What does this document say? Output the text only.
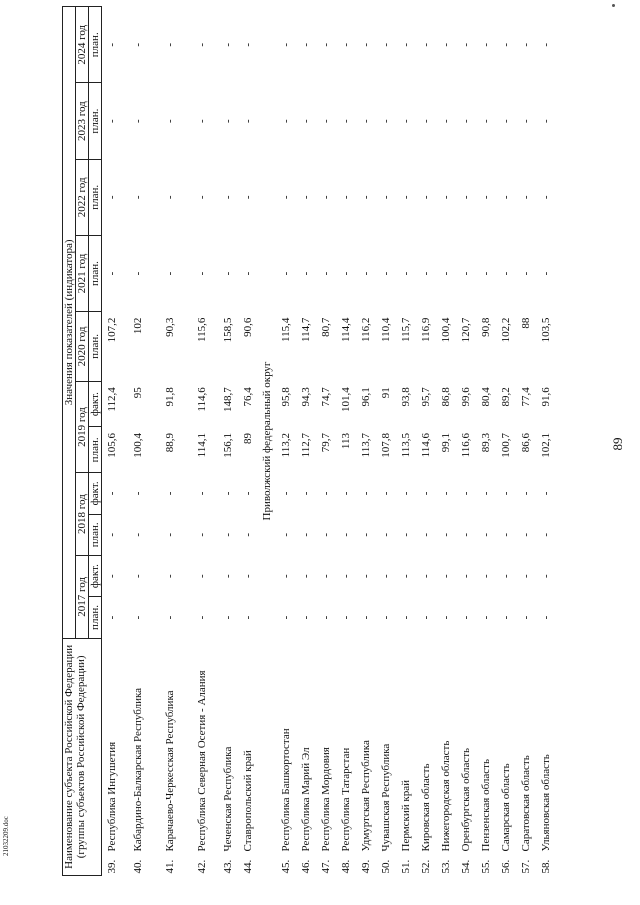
89
21032209.doc	Наименование субъекта Российской Федерации (группы субъектов Российской Федерации)	Значения показателей (индикатора)										
	2017 год		2018 год		2019 год		2020 год	2021 год	2022 год	2023 год	2024 год
	план.	факт.	план.	факт.	план.	факт.	план.	план.	план.	план.	план.
39.Республика Ингушетия	-	-	-	-	105,6	112,4	107,2	-	-	-	-
40.Кабардино-Балкарская Республика	-	-	-	-	100,4	95	102	-	-	-	-
41.Карачаево-Черкесская Республика	-	-	-	-	88,9	91,8	90,3	-	-	-	-
42.Республика Северная Осетия - Алания	-	-	-	-	114,1	114,6	115,6	-	-	-	-
43.Чеченская Республика	-	-	-	-	156,1	148,7	158,5	-	-	-	-
44.Ставропольский край	-	-	-	-	89	76,4	90,6	-	-	-	-
Приволжский федеральный округ											
45.Республика Башкортостан	-	-	-	-	113,2	95,8	115,4	-	-	-	-
46.Республика Марий Эл	-	-	-	-	112,7	94,3	114,7	-	-	-	-
47.Республика Мордовия	-	-	-	-	79,7	74,7	80,7	-	-	-	-
48.Республика Татарстан	-	-	-	-	113	101,4	114,4	-	-	-	-
49.Удмуртская Республика	-	-	-	-	113,7	96,1	116,2	-	-	-	-
50.Чувашская Республика	-	-	-	-	107,8	91	110,4	-	-	-	-
51.Пермский край	-	-	-	-	113,5	93,8	115,7	-	-	-	-
52.Кировская область	-	-	-	-	114,6	95,7	116,9	-	-	-	-
53.Нижегородская область	-	-	-	-	99,1	86,8	100,4	-	-	-	-
54.Оренбургская область	-	-	-	-	116,6	99,6	120,7	-	-	-	-
55.Пензенская область	-	-	-	-	89,3	80,4	90,8	-	-	-	-
56.Самарская область	-	-	-	-	100,7	89,2	102,2	-	-	-	-
57.Саратовская область	-	-	-	-	86,6	77,4	88	-	-	-	-
58.Ульяновская область	-	-	-	-	102,1	91,6	103,5	-	-	-	-
